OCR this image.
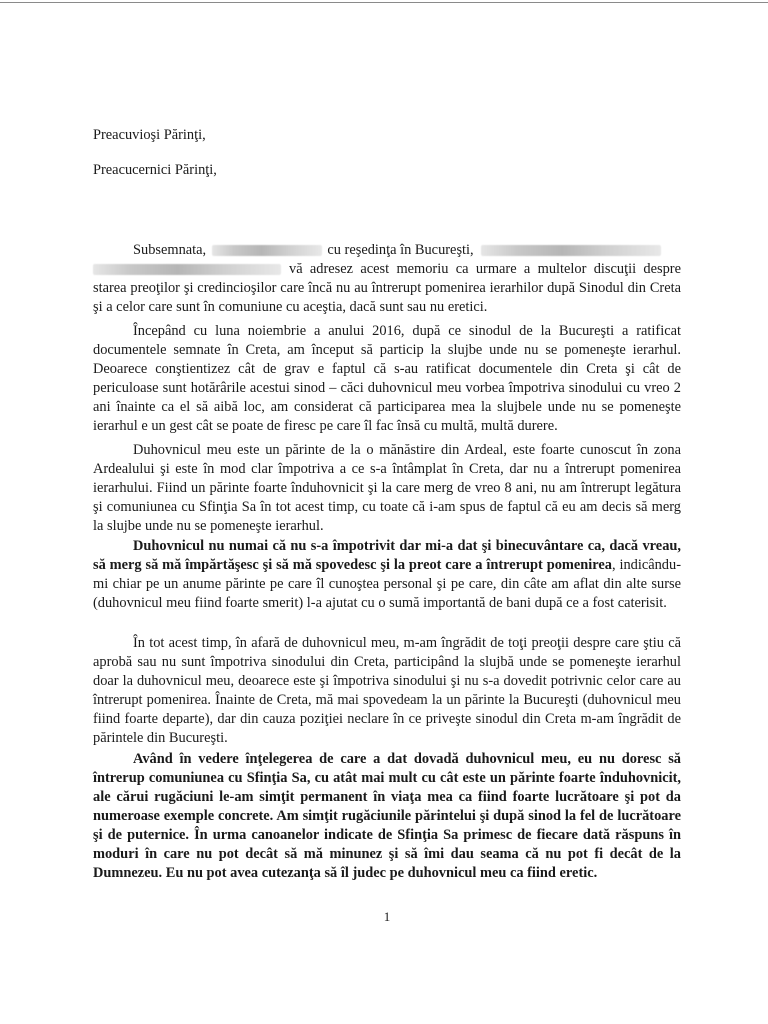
Preacuvioşi Părinţi,
Preacucernici Părinţi,
Subsemnata,	cu reşedinţa în Bucureşti,
vă adresez acest memoriu ca urmare a multelor discuţii despre starea preoţilor şi credincioşilor care încă nu au întrerupt pomenirea ierarhilor după Sinodul din Creta şi a celor care sunt în comuniune cu aceştia, dacă sunt sau nu eretici.
Începând cu luna noiembrie a anului 2016, după ce sinodul de la Bucureşti a ratificat documentele semnate în Creta, am început să particip la slujbe unde nu se pomeneşte ierarhul. Deoarece conştientizez cât de grav e faptul că s-au ratificat documentele din Creta şi cât de periculoase sunt hotărârile acestui sinod – căci duhovnicul meu vorbea împotriva sinodului cu vreo 2 ani înainte ca el să aibă loc, am considerat că participarea mea la slujbele unde nu se pomeneşte ierarhul e un gest cât se poate de firesc pe care îl fac însă cu multă, multă durere.
Duhovnicul meu este un părinte de la o mănăstire din Ardeal, este foarte cunoscut în zona Ardealului şi este în mod clar împotriva a ce s-a întâmplat în Creta, dar nu a întrerupt pomenirea ierarhului. Fiind un părinte foarte înduhovnicit şi la care merg de vreo 8 ani, nu am întrerupt legătura şi comuniunea cu Sfinţia Sa în tot acest timp, cu toate că i-am spus de faptul că eu am decis să merg la slujbe unde nu se pomeneşte ierarhul.
Duhovnicul nu numai că nu s-a împotrivit dar mi-a dat şi binecuvântare ca, dacă vreau, să merg să mă împărtăşesc şi să mă spovedesc şi la preot care a întrerupt pomenirea, indicându-mi chiar pe un anume părinte pe care îl cunoştea personal şi pe care, din câte am aflat din alte surse (duhovnicul meu fiind foarte smerit) l-a ajutat cu o sumă importantă de bani după ce a fost caterisit.
În tot acest timp, în afară de duhovnicul meu, m-am îngrădit de toţi preoţii despre care ştiu că aprobă sau nu sunt împotriva sinodului din Creta, participând la slujbă unde se pomeneşte ierarhul doar la duhovnicul meu, deoarece este şi împotriva sinodului şi nu s-a dovedit potrivnic celor care au întrerupt pomenirea. Înainte de Creta, mă mai spovedeam la un părinte la Bucureşti (duhovnicul meu fiind foarte departe), dar din cauza poziţiei neclare în ce priveşte sinodul din Creta m-am îngrădit de părintele din Bucureşti.
Având în vedere înţelegerea de care a dat dovadă duhovnicul meu, eu nu doresc să întrerup comuniunea cu Sfinţia Sa, cu atât mai mult cu cât este un părinte foarte înduhovnicit, ale cărui rugăciuni le-am simţit permanent în viaţa mea ca fiind foarte lucrătoare şi pot da numeroase exemple concrete. Am simţit rugăciunile părintelui şi după sinod la fel de lucrătoare şi de puternice. În urma canoanelor indicate de Sfinţia Sa primesc de fiecare dată răspuns în moduri în care nu pot decât să mă minunez şi să îmi dau seama că nu pot fi decât de la Dumnezeu. Eu nu pot avea cutezanţa să îl judec pe duhovnicul meu ca fiind eretic.
1
